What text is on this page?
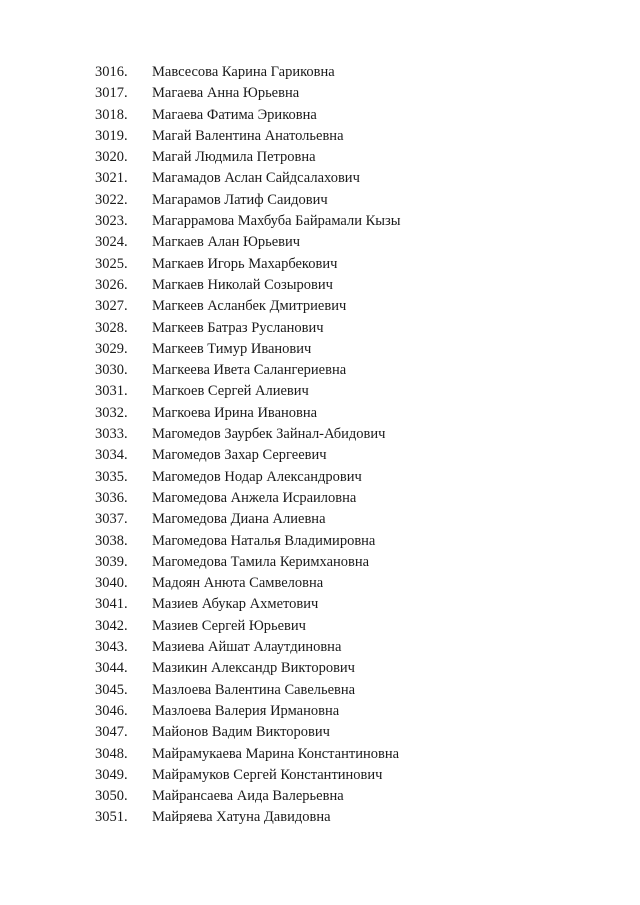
3016.	Мавсесова Карина Гариковна
3017.	Магаева Анна Юрьевна
3018.	Магаева Фатима Эриковна
3019.	Магай Валентина Анатольевна
3020.	Магай Людмила Петровна
3021.	Магамадов Аслан Сайдсалахович
3022.	Магарамов Латиф Саидович
3023.	Магаррамова Махбуба Байрамали Кызы
3024.	Магкаев Алан Юрьевич
3025.	Магкаев Игорь Махарбекович
3026.	Магкаев Николай Созырович
3027.	Магкеев Асланбек Дмитриевич
3028.	Магкеев Батраз Русланович
3029.	Магкеев Тимур Иванович
3030.	Магкеева Ивета Салангериевна
3031.	Магкоев Сергей Алиевич
3032.	Магкоева Ирина Ивановна
3033.	Магомедов Заурбек Зайнал-Абидович
3034.	Магомедов Захар Сергеевич
3035.	Магомедов Нодар Александрович
3036.	Магомедова Анжела Исраиловна
3037.	Магомедова Диана Алиевна
3038.	Магомедова Наталья Владимировна
3039.	Магомедова Тамила Керимхановна
3040.	Мадоян Анюта Самвеловна
3041.	Мазиев Абукар Ахметович
3042.	Мазиев Сергей Юрьевич
3043.	Мазиева Айшат Алаутдиновна
3044.	Мазикин Александр Викторович
3045.	Мазлоева Валентина Савельевна
3046.	Мазлоева Валерия Ирмановна
3047.	Майонов Вадим Викторович
3048.	Майрамукаева Марина Константиновна
3049.	Майрамуков Сергей Константинович
3050.	Майрансаева Аида Валерьевна
3051.	Майряева Хатуна Давидовна
